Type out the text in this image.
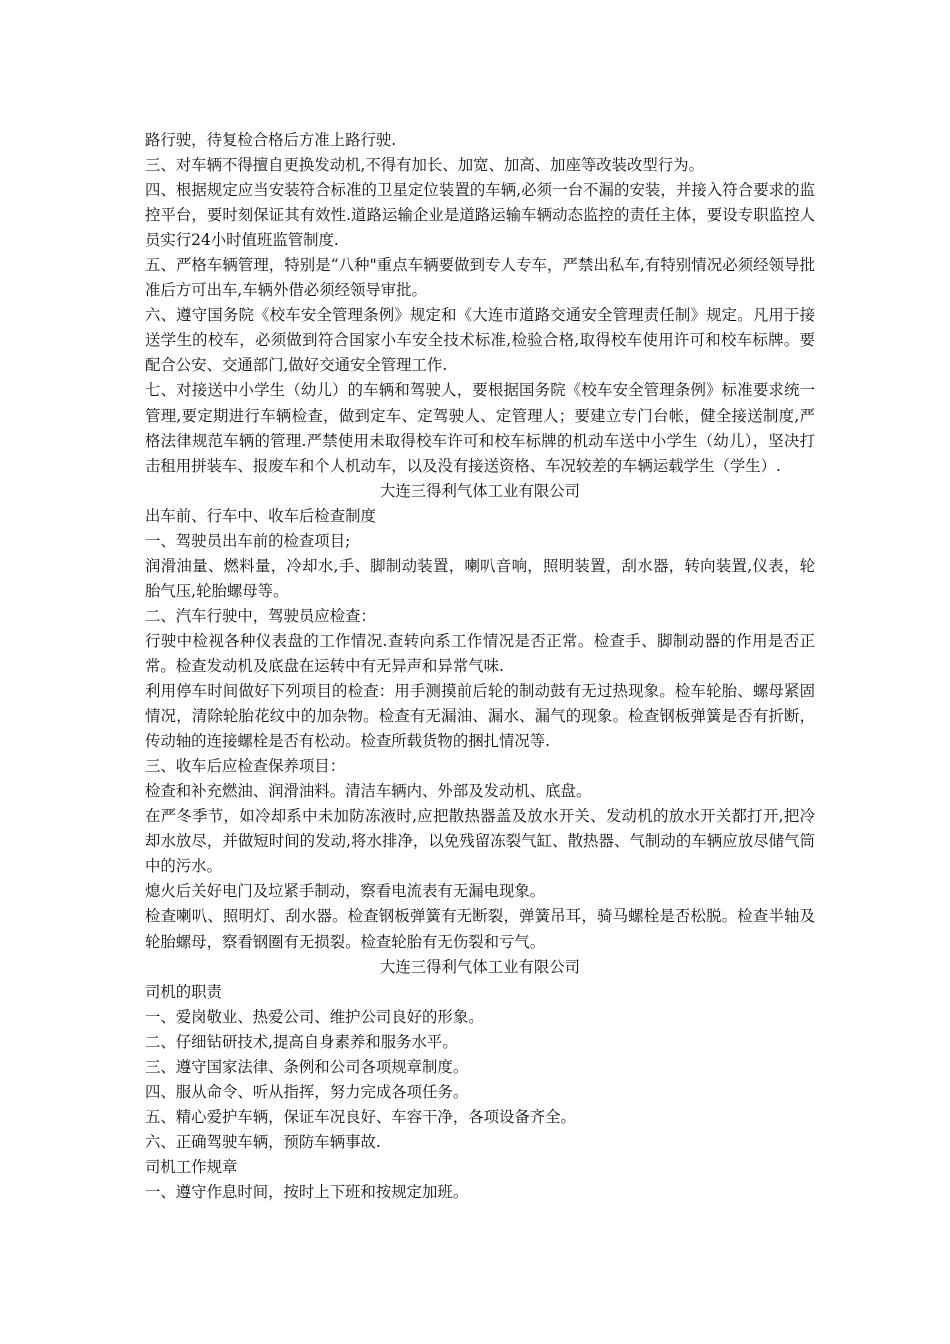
路行驶，待复检合格后方准上路行驶.

三、对车辆不得擅自更换发动机,不得有加长、加宽、加高、加座等改装改型行为。

四、根据规定应当安装符合标准的卫星定位装置的车辆,必须一台不漏的安装，并接入符合要求的监控平台，要时刻保证其有效性.道路运输企业是道路运输车辆动态监控的责任主体，要设专职监控人员实行24小时值班监管制度.

五、严格车辆管理，特别是“八种"重点车辆要做到专人专车，严禁出私车,有特别情况必须经领导批准后方可出车,车辆外借必须经领导审批。

六、遵守国务院《校车安全管理条例》规定和《大连市道路交通安全管理责任制》规定。凡用于接送学生的校车，必须做到符合国家小车安全技术标准,检验合格,取得校车使用许可和校车标牌。要配合公安、交通部门,做好交通安全管理工作.

七、对接送中小学生（幼儿）的车辆和驾驶人，要根据国务院《校车安全管理条例》标准要求统一管理,要定期进行车辆检查，做到定车、定驾驶人、定管理人；要建立专门台帐，健全接送制度,严格法律规范车辆的管理.严禁使用未取得校车许可和校车标牌的机动车送中小学生（幼儿），坚决打击租用拼装车、报废车和个人机动车，以及没有接送资格、车况较差的车辆运载学生（学生）.

大连三得利气体工业有限公司

出车前、行车中、收车后检查制度

一、驾驶员出车前的检查项目;

润滑油量、燃料量，冷却水,手、脚制动装置，喇叭音响，照明装置，刮水器，转向装置,仪表，轮胎气压,轮胎螺母等。

二、汽车行驶中，驾驶员应检查：

行驶中检视各种仪表盘的工作情况.查转向系工作情况是否正常。检查手、脚制动器的作用是否正常。检查发动机及底盘在运转中有无异声和异常气味.

利用停车时间做好下列项目的检查：用手测摸前后轮的制动鼓有无过热现象。检车轮胎、螺母紧固情况，清除轮胎花纹中的加杂物。检查有无漏油、漏水、漏气的现象。检查钢板弹簧是否有折断，传动轴的连接螺栓是否有松动。检查所载货物的捆扎情况等.

三、收车后应检查保养项目：

检查和补充燃油、润滑油料。清洁车辆内、外部及发动机、底盘。

在严冬季节，如冷却系中未加防冻液时,应把散热器盖及放水开关、发动机的放水开关都打开,把冷却水放尽，并做短时间的发动,将水排净，以免残留冻裂气缸、散热器、气制动的车辆应放尽储气筒中的污水。

熄火后关好电门及垃紧手制动，察看电流表有无漏电现象。

检查喇叭、照明灯、刮水器。检查钢板弹簧有无断裂，弹簧吊耳，骑马螺栓是否松脱。检查半轴及轮胎螺母，察看钢圈有无损裂。检查轮胎有无伤裂和亏气。

大连三得利气体工业有限公司

司机的职责

一、爱岗敬业、热爱公司、维护公司良好的形象。

二、仔细钻研技术,提高自身素养和服务水平。

三、遵守国家法律、条例和公司各项规章制度。

四、服从命令、听从指挥，努力完成各项任务。

五、精心爱护车辆，保证车况良好、车容干净，各项设备齐全。

六、正确驾驶车辆，预防车辆事故.

司机工作规章

一、遵守作息时间，按时上下班和按规定加班。
